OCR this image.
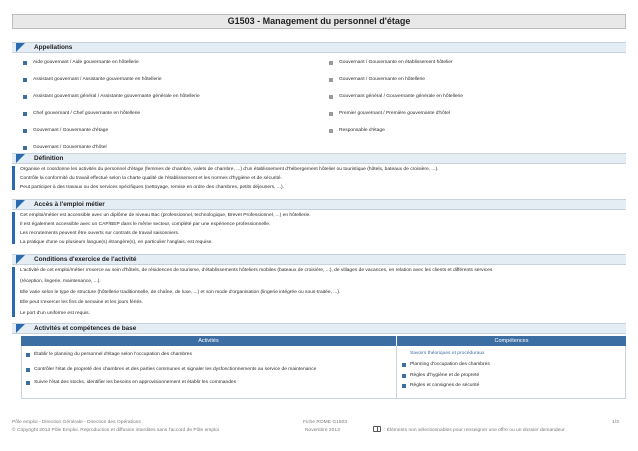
G1503 - Management du personnel d'étage
Appellations
Aide gouvernant / Aide gouvernante en hôtellerie
Assistant gouvernant / Assistante gouvernante en hôtellerie
Assistant gouvernant général / Assistante gouvernante générale en hôtellerie
Chef gouvernant / Chef gouvernante en hôtellerie
Gouvernant / Gouvernante d'étage
Gouvernant / Gouvernante d'hôtel
Gouvernant / Gouvernante en établissement hôtelier
Gouvernant / Gouvernante en hôtellerie
Gouvernant général / Gouvernante générale en hôtellerie
Premier gouvernant / Première gouvernante d'hôtel
Responsable d'étage
Définition
Organise et coordonne les activités du personnel d'étage (femmes de chambre, valets de chambre, ...) d'un établissement d'hébergement hôtelier ou touristique (hôtels, bateaux de croisière, ...).
Contrôle la conformité du travail effectué selon la charte qualité de l'établissement et les normes d'hygiène et de sécurité.
Peut participer à des travaux ou des services spécifiques (nettoyage, remise en ordre des chambres, petits déjeuners, ...).
Accès à l'emploi métier
Cet emploi/métier est accessible avec un diplôme de niveau Bac (professionnel, technologique, Brevet Professionnel, ...) en hôtellerie.
Il est également accessible avec un CAP/BEP dans le même secteur, complété par une expérience professionnelle.
Les recrutements peuvent être ouverts sur contrats de travail saisonniers.
La pratique d'une ou plusieurs langue(s) étrangère(s), en particulier l'anglais, est requise.
Conditions d'exercice de l'activité
L'activité de cet emploi/métier s'exerce au sein d'hôtels, de résidences de tourisme, d'établissements hôteliers mobiles (bateaux de croisière, ...), de villages de vacances, en relation avec les clients et différents services
(réception, lingerie, maintenance, ...).
Elle varie selon le type de structure (hôtellerie traditionnelle, de chaîne, de luxe, ...) et son mode d'organisation (lingerie intégrée ou sous-traitée, ...).
Elle peut s'exercer les fins de semaine et les jours fériés.
Le port d'un uniforme est requis.
Activités et compétences de base
Activités	Compétences
Établir le planning du personnel d'étage selon l'occupation des chambres
Contrôler l'état de propreté des chambres et des parties communes et signaler les dysfonctionnements au service de maintenance
Suivre l'état des stocks, identifier les besoins en approvisionnement et établir les commandes
Savoirs théoriques et procéduraux
Planning d'occupation des chambres
Règles d'hygiène et de propreté
Règles et consignes de sécurité
Pôle emploi - Direction Générale - Direction des Opérations
© Copyright 2013 Pôle Emploi. Reproduction et diffusion interdites sans l'accord de Pôle emploi
Fiche ROME G1503
Novembre 2013	: Éléments non sélectionnables pour renseigner une offre ou un dossier demandeur
1/3
